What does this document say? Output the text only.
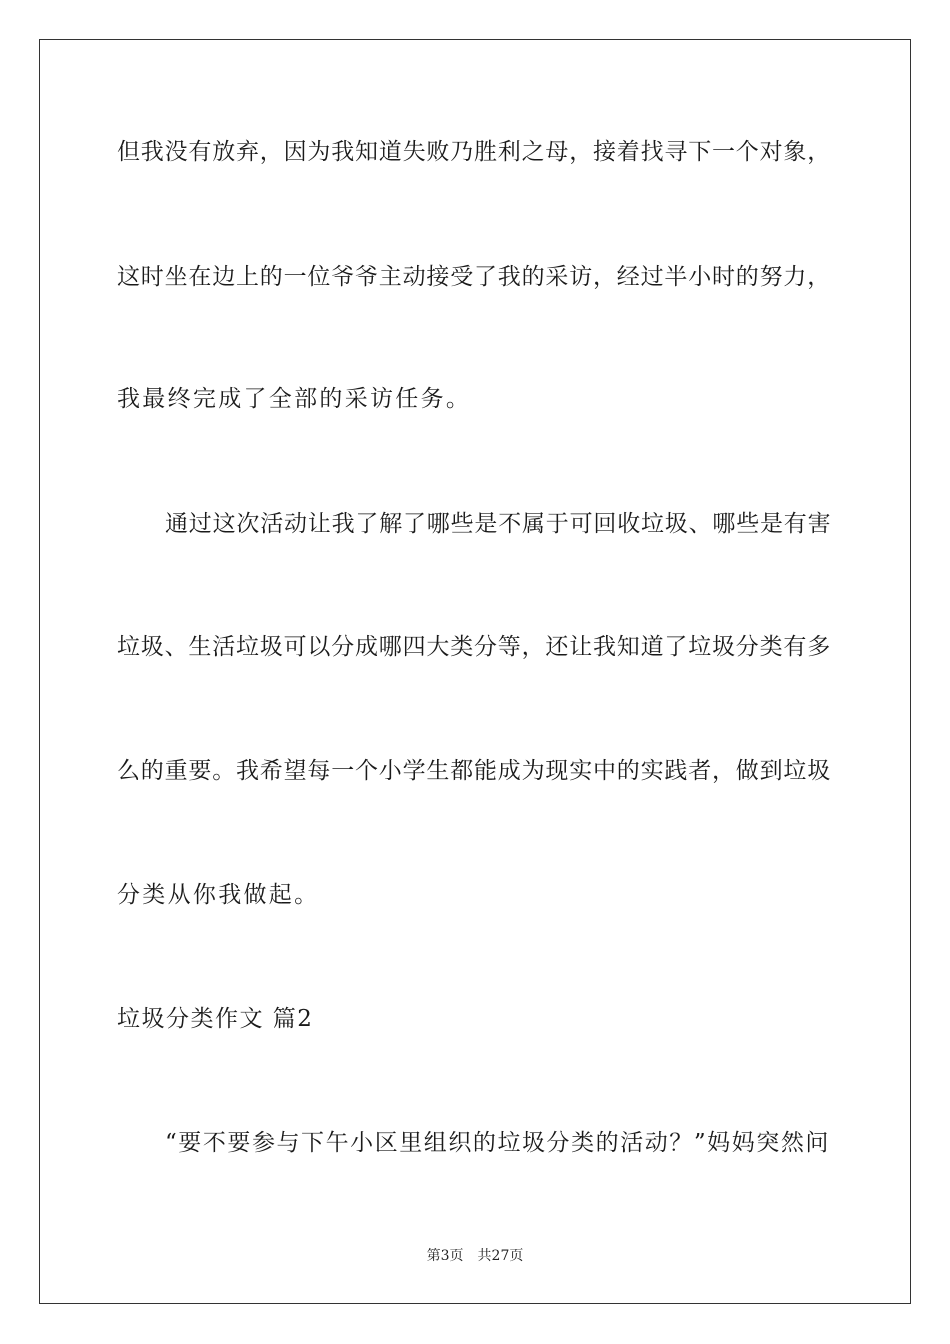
但我没有放弃，因为我知道失败乃胜利之母，接着找寻下一个对象，
这时坐在边上的一位爷爷主动接受了我的采访，经过半小时的努力，
我最终完成了全部的采访任务。
通过这次活动让我了解了哪些是不属于可回收垃圾、哪些是有害
垃圾、生活垃圾可以分成哪四大类分等，还让我知道了垃圾分类有多
么的重要。我希望每一个小学生都能成为现实中的实践者，做到垃圾
分类从你我做起。
垃圾分类作文 篇2
“要不要参与下午小区里组织的垃圾分类的活动？”妈妈突然问
第3页 共27页
